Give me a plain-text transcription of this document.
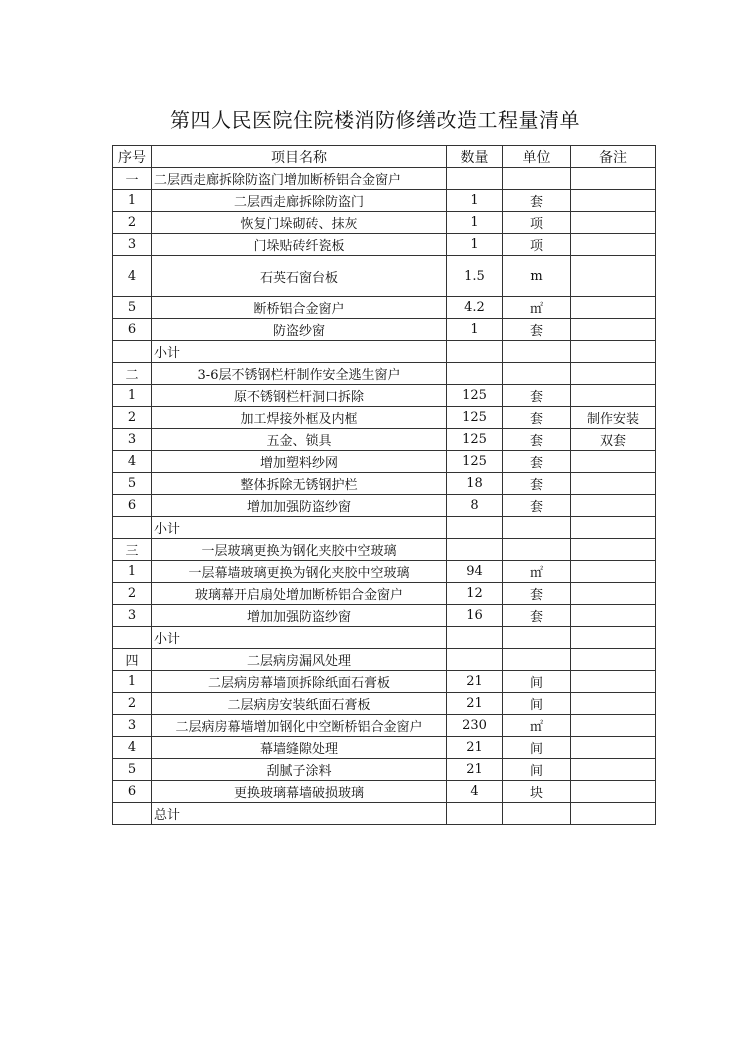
第四人民医院住院楼消防修缮改造工程量清单
序号	项目名称	数量	单位	备注
一	二层西走廊拆除防盗门增加断桥铝合金窗户			
1	二层西走廊拆除防盗门	1	套	
2	恢复门垛砌砖、抹灰	1	项	
3	门垛贴砖纤瓷板	1	项	
4	石英石窗台板	1.5	m	
5	断桥铝合金窗户	4.2	㎡	
6	防盗纱窗	1	套	
	小计			
二	3-6层不锈钢栏杆制作安全逃生窗户			
1	原不锈钢栏杆洞口拆除	125	套	
2	加工焊接外框及内框	125	套	制作安装
3	五金、锁具	125	套	双套
4	增加塑料纱网	125	套	
5	整体拆除无锈钢护栏	18	套	
6	增加加强防盗纱窗	8	套	
	小计			
三	一层玻璃更换为钢化夹胶中空玻璃			
1	一层幕墙玻璃更换为钢化夹胶中空玻璃	94	㎡	
2	玻璃幕开启扇处增加断桥铝合金窗户	12	套	
3	增加加强防盗纱窗	16	套	
	小计			
四	二层病房漏风处理			
1	二层病房幕墙顶拆除纸面石膏板	21	间	
2	二层病房安装纸面石膏板	21	间	
3	二层病房幕墙增加钢化中空断桥铝合金窗户	230	㎡	
4	幕墙缝隙处理	21	间	
5	刮腻子涂料	21	间	
6	更换玻璃幕墙破损玻璃	4	块	
	总计			
